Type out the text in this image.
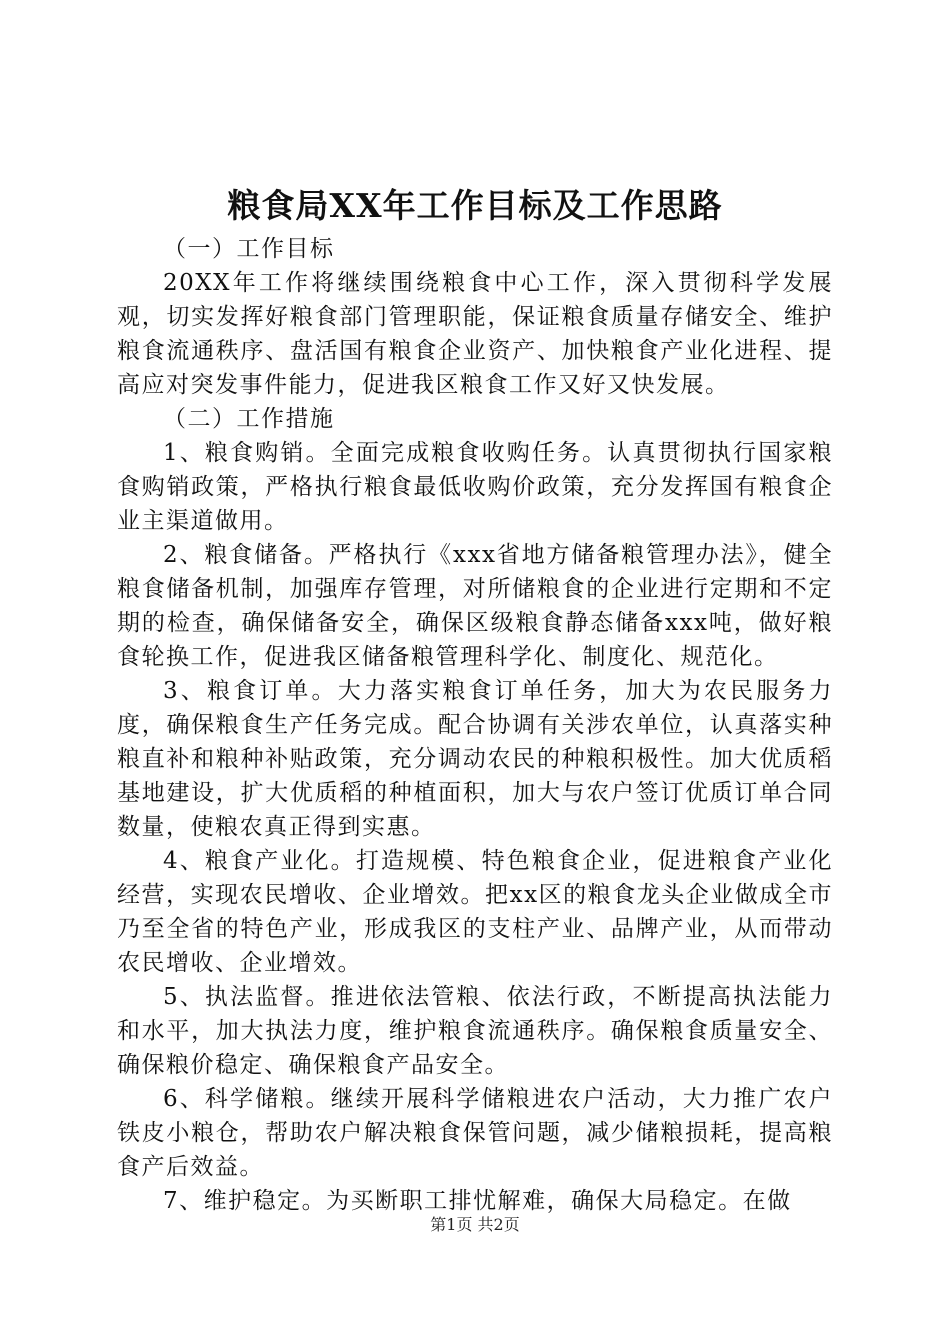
粮食局XX年工作目标及工作思路

（一）工作目标

20XX年工作将继续围绕粮食中心工作，深入贯彻科学发展观，切实发挥好粮食部门管理职能，保证粮食质量存储安全、维护粮食流通秩序、盘活国有粮食企业资产、加快粮食产业化进程、提高应对突发事件能力，促进我区粮食工作又好又快发展。

（二）工作措施

1、粮食购销。全面完成粮食收购任务。认真贯彻执行国家粮食购销政策，严格执行粮食最低收购价政策，充分发挥国有粮食企业主渠道做用。

2、粮食储备。严格执行《xxx省地方储备粮管理办法》，健全粮食储备机制，加强库存管理，对所储粮食的企业进行定期和不定期的检查，确保储备安全，确保区级粮食静态储备xxx吨，做好粮食轮换工作，促进我区储备粮管理科学化、制度化、规范化。

3、粮食订单。大力落实粮食订单任务，加大为农民服务力度，确保粮食生产任务完成。配合协调有关涉农单位，认真落实种粮直补和粮种补贴政策，充分调动农民的种粮积极性。加大优质稻基地建设，扩大优质稻的种植面积，加大与农户签订优质订单合同数量，使粮农真正得到实惠。

4、粮食产业化。打造规模、特色粮食企业，促进粮食产业化经营，实现农民增收、企业增效。把xx区的粮食龙头企业做成全市乃至全省的特色产业，形成我区的支柱产业、品牌产业，从而带动农民增收、企业增效。

5、执法监督。推进依法管粮、依法行政，不断提高执法能力和水平，加大执法力度，维护粮食流通秩序。确保粮食质量安全、确保粮价稳定、确保粮食产品安全。

6、科学储粮。继续开展科学储粮进农户活动，大力推广农户铁皮小粮仓，帮助农户解决粮食保管问题，减少储粮损耗，提高粮食产后效益。

7、维护稳定。为买断职工排忧解难，确保大局稳定。在做

第1页 共2页
